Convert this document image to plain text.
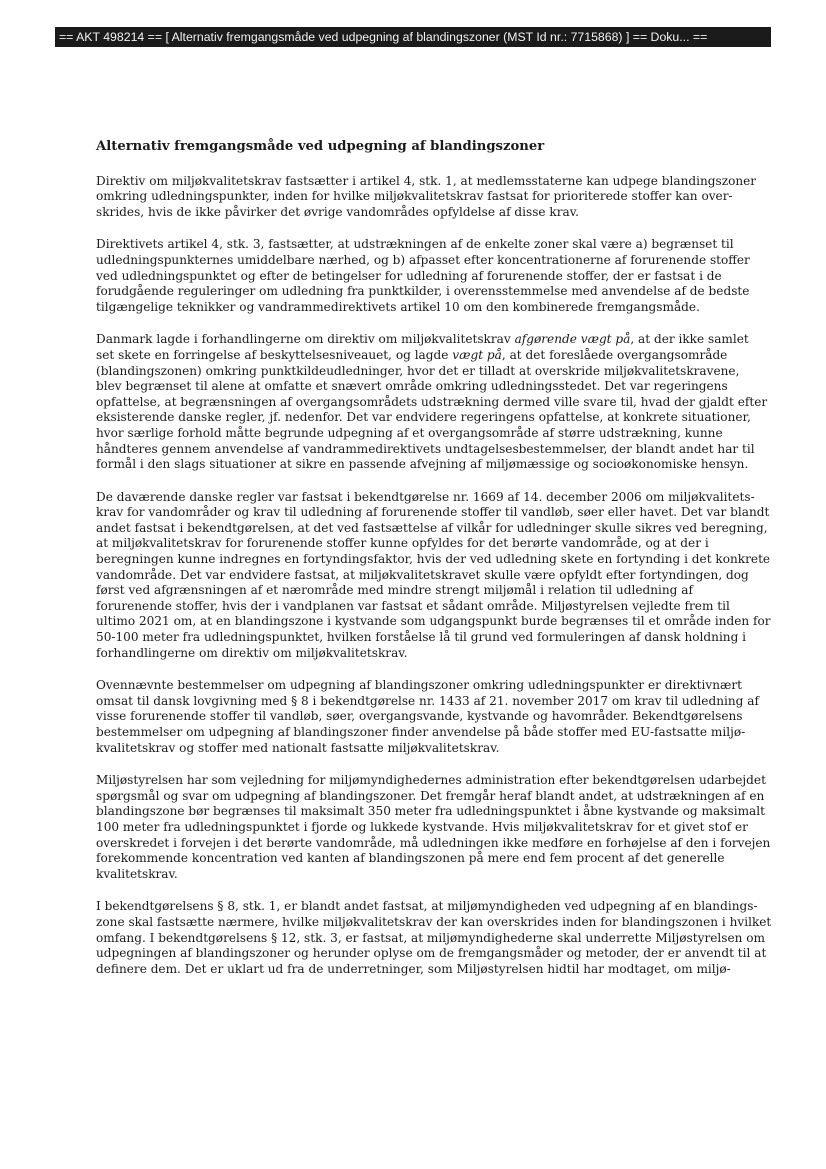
== AKT 498214 == [ Alternativ fremgangsmåde ved udpegning af blandingszoner (MST Id nr.: 7715868) ] == Doku... ==
Alternativ fremgangsmåde ved udpegning af blandingszoner
Direktiv om miljøkvalitetskrav fastsætter i artikel 4, stk. 1, at medlemsstaterne kan udpege blandingszoner
omkring udledningspunkter, inden for hvilke miljøkvalitetskrav fastsat for prioriterede stoffer kan over-
skrides, hvis de ikke påvirker det øvrige vandområdes opfyldelse af disse krav.
Direktivets artikel 4, stk. 3, fastsætter, at udstrækningen af de enkelte zoner skal være a) begrænset til
udledningspunkternes umiddelbare nærhed, og b) afpasset efter koncentrationerne af forurenende stoffer
ved udledningspunktet og efter de betingelser for udledning af forurenende stoffer, der er fastsat i de
forudgående reguleringer om udledning fra punktkilder, i overensstemmelse med anvendelse af de bedste
tilgængelige teknikker og vandrammedirektivets artikel 10 om den kombinerede fremgangsmåde.
Danmark lagde i forhandlingerne om direktiv om miljøkvalitetskrav afgørende vægt på, at der ikke samlet
set skete en forringelse af beskyttelsesniveauet, og lagde vægt på, at det foreslåede overgangsområde
(blandingszonen) omkring punktkildeudledninger, hvor det er tilladt at overskride miljøkvalitetskravene,
blev begrænset til alene at omfatte et snævert område omkring udledningsstedet. Det var regeringens
opfattelse, at begrænsningen af overgangsområdets udstrækning dermed ville svare til, hvad der gjaldt efter
eksisterende danske regler, jf. nedenfor. Det var endvidere regeringens opfattelse, at konkrete situationer,
hvor særlige forhold måtte begrunde udpegning af et overgangsområde af større udstrækning, kunne
håndteres gennem anvendelse af vandrammedirektivets undtagelsesbestemmelser, der blandt andet har til
formål i den slags situationer at sikre en passende afvejning af miljømæssige og socioøkonomiske hensyn.
De daværende danske regler var fastsat i bekendtgørelse nr. 1669 af 14. december 2006 om miljøkvalitets-
krav for vandområder og krav til udledning af forurenende stoffer til vandløb, søer eller havet. Det var blandt
andet fastsat i bekendtgørelsen, at det ved fastsættelse af vilkår for udledninger skulle sikres ved beregning,
at miljøkvalitetskrav for forurenende stoffer kunne opfyldes for det berørte vandområde, og at der i
beregningen kunne indregnes en fortyndingsfaktor, hvis der ved udledning skete en fortynding i det konkrete
vandområde. Det var endvidere fastsat, at miljøkvalitetskravet skulle være opfyldt efter fortyndingen, dog
først ved afgrænsningen af et nærområde med mindre strengt miljømål i relation til udledning af
forurenende stoffer, hvis der i vandplanen var fastsat et sådant område. Miljøstyrelsen vejledte frem til
ultimo 2021 om, at en blandingszone i kystvande som udgangspunkt burde begrænses til et område inden for
50-100 meter fra udledningspunktet, hvilken forståelse lå til grund ved formuleringen af dansk holdning i
forhandlingerne om direktiv om miljøkvalitetskrav.
Ovennævnte bestemmelser om udpegning af blandingszoner omkring udledningspunkter er direktivnært
omsat til dansk lovgivning med § 8 i bekendtgørelse nr. 1433 af 21. november 2017 om krav til udledning af
visse forurenende stoffer til vandløb, søer, overgangsvande, kystvande og havområder. Bekendtgørelsens
bestemmelser om udpegning af blandingszoner finder anvendelse på både stoffer med EU-fastsatte miljø-
kvalitetskrav og stoffer med nationalt fastsatte miljøkvalitetskrav.
Miljøstyrelsen har som vejledning for miljømyndighedernes administration efter bekendtgørelsen udarbejdet
spørgsmål og svar om udpegning af blandingszoner. Det fremgår heraf blandt andet, at udstrækningen af en
blandingszone bør begrænses til maksimalt 350 meter fra udledningspunktet i åbne kystvande og maksimalt
100 meter fra udledningspunktet i fjorde og lukkede kystvande. Hvis miljøkvalitetskrav for et givet stof er
overskredet i forvejen i det berørte vandområde, må udledningen ikke medføre en forhøjelse af den i forvejen
forekommende koncentration ved kanten af blandingszonen på mere end fem procent af det generelle
kvalitetskrav.
I bekendtgørelsens § 8, stk. 1, er blandt andet fastsat, at miljømyndigheden ved udpegning af en blandings-
zone skal fastsætte nærmere, hvilke miljøkvalitetskrav der kan overskrides inden for blandingszonen i hvilket
omfang. I bekendtgørelsens § 12, stk. 3, er fastsat, at miljømyndighederne skal underrette Miljøstyrelsen om
udpegningen af blandingszoner og herunder oplyse om de fremgangsmåder og metoder, der er anvendt til at
definere dem. Det er uklart ud fra de underretninger, som Miljøstyrelsen hidtil har modtaget, om miljø-
